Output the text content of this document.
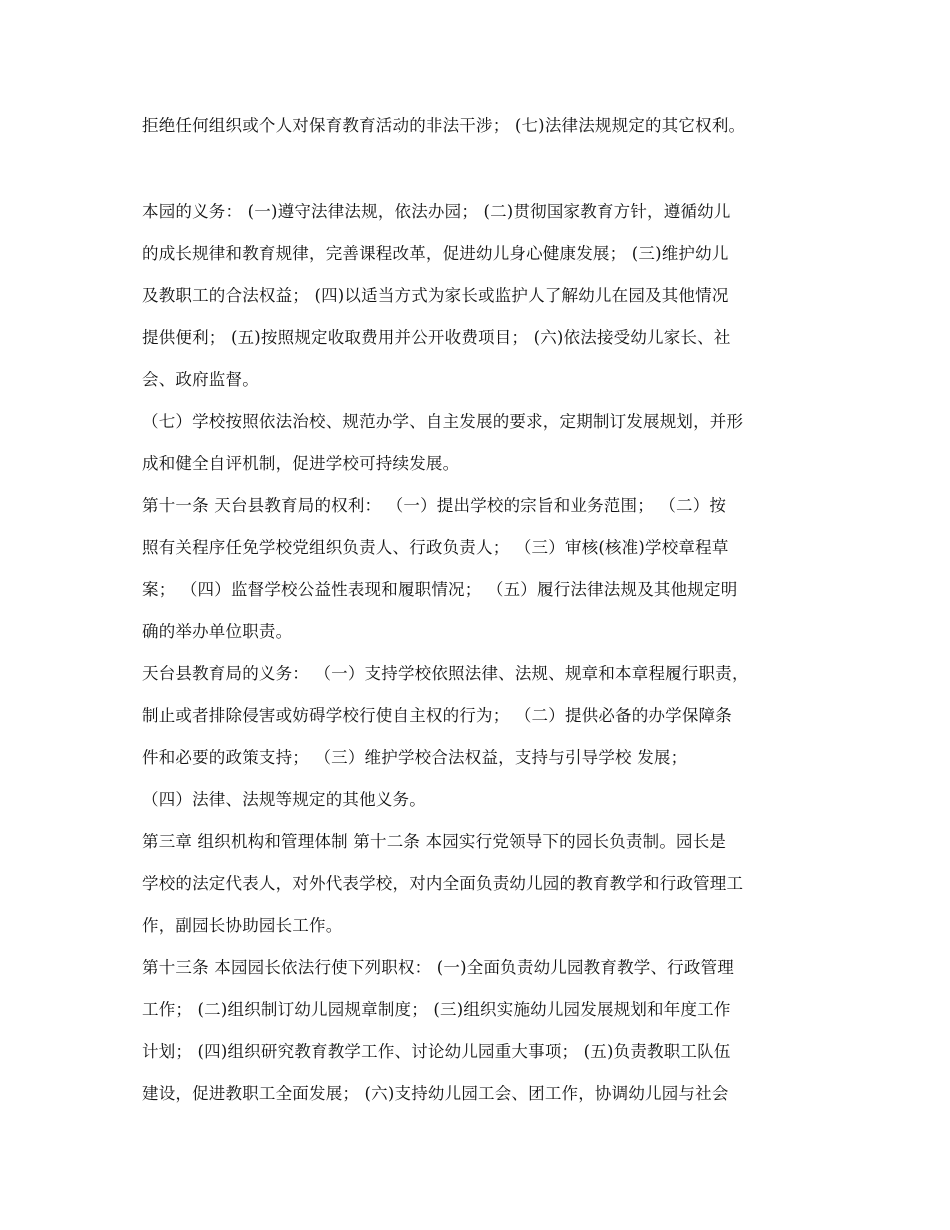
拒绝任何组织或个人对保育教育活动的非法干涉； (七)法律法规规定的其它权利。
本园的义务： (一)遵守法律法规，依法办园； (二)贯彻国家教育方针，遵循幼儿
的成长规律和教育规律，完善课程改革，促进幼儿身心健康发展； (三)维护幼儿
及教职工的合法权益； (四)以适当方式为家长或监护人了解幼儿在园及其他情况
提供便利； (五)按照规定收取费用并公开收费项目； (六)依法接受幼儿家长、社
会、政府监督。
（七）学校按照依法治校、规范办学、自主发展的要求，定期制订发展规划，并形
成和健全自评机制，促进学校可持续发展。
第十一条 天台县教育局的权利： （一）提出学校的宗旨和业务范围； （二）按
照有关程序任免学校党组织负责人、行政负责人； （三）审核(核准)学校章程草
案； （四）监督学校公益性表现和履职情况； （五）履行法律法规及其他规定明
确的举办单位职责。
天台县教育局的义务： （一）支持学校依照法律、法规、规章和本章程履行职责，
制止或者排除侵害或妨碍学校行使自主权的行为； （二）提供必备的办学保障条
件和必要的政策支持； （三）维护学校合法权益，支持与引导学校 发展；
（四）法律、法规等规定的其他义务。
第三章 组织机构和管理体制 第十二条 本园实行党领导下的园长负责制。园长是
学校的法定代表人，对外代表学校，对内全面负责幼儿园的教育教学和行政管理工
作，副园长协助园长工作。
第十三条 本园园长依法行使下列职权： (一)全面负责幼儿园教育教学、行政管理
工作； (二)组织制订幼儿园规章制度； (三)组织实施幼儿园发展规划和年度工作
计划； (四)组织研究教育教学工作、讨论幼儿园重大事项； (五)负责教职工队伍
建设，促进教职工全面发展； (六)支持幼儿园工会、团工作，协调幼儿园与社会
